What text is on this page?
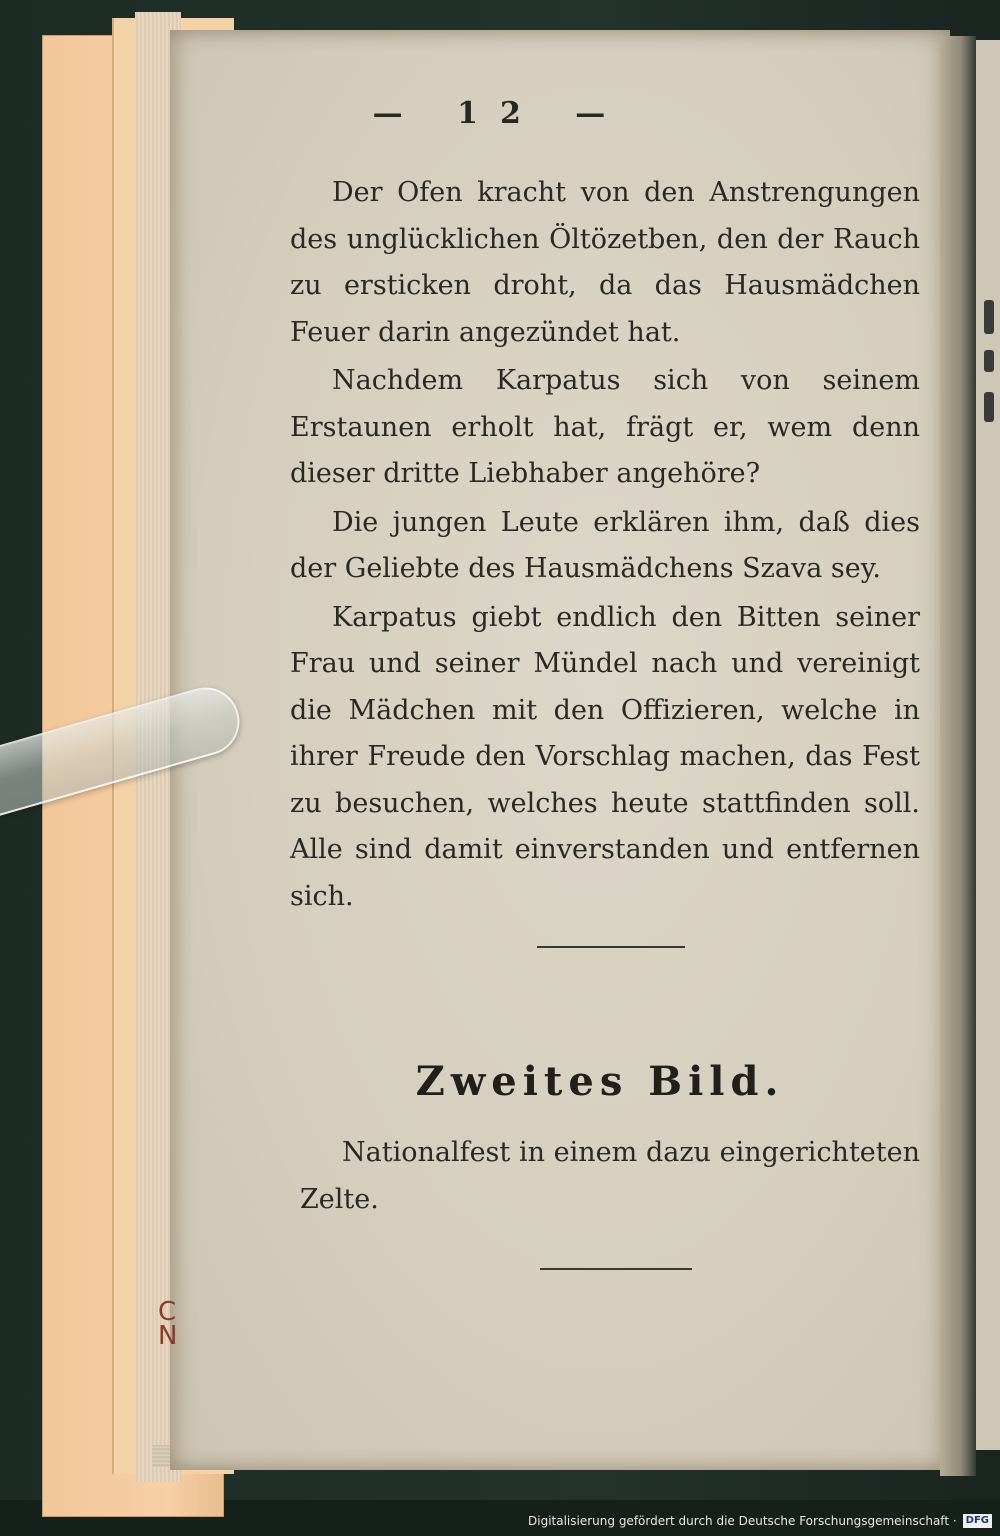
— 12 —

Der Ofen kracht von den Anstrengungen des unglücklichen Öltözetben, den der Rauch zu ersticken droht, da das Hausmädchen Feuer darin angezündet hat.

Nachdem Karpatus sich von seinem Erstaunen erholt hat, frägt er, wem denn dieser dritte Liebhaber angehöre?

Die jungen Leute erklären ihm, daß dies der Geliebte des Hausmädchens Szava sey.

Karpatus giebt endlich den Bitten seiner Frau und seiner Mündel nach und vereinigt die Mädchen mit den Offizieren, welche in ihrer Freude den Vorschlag machen, das Fest zu besuchen, welches heute stattfinden soll. Alle sind damit einverstanden und entfernen sich.

Zweites Bild.

Nationalfest in einem dazu eingerichteten Zelte.

C
N
Digitalisierung gefördert durch die Deutsche Forschungsgemeinschaft · DFG
